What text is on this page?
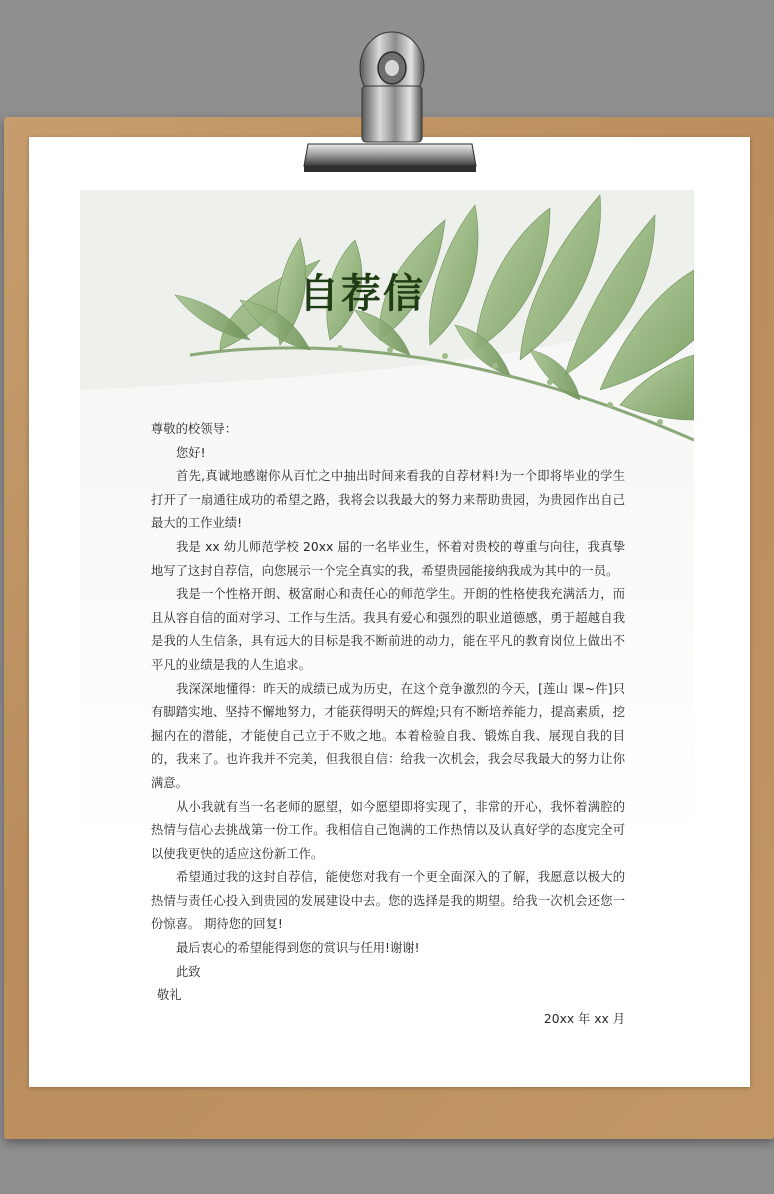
自荐信

尊敬的校领导：

您好!

首先,真诚地感谢你从百忙之中抽出时间来看我的自荐材料!为一个即将毕业的学生打开了一扇通往成功的希望之路，我将会以我最大的努力来帮助贵园，为贵园作出自己最大的工作业绩!

我是 xx 幼儿师范学校 20xx 届的一名毕业生，怀着对贵校的尊重与向往，我真挚地写了这封自荐信，向您展示一个完全真实的我，希望贵园能接纳我成为其中的一员。

我是一个性格开朗、极富耐心和责任心的师范学生。开朗的性格使我充满活力，而且从容自信的面对学习、工作与生活。我具有爱心和强烈的职业道德感，勇于超越自我是我的人生信条，具有远大的目标是我不断前进的动力，能在平凡的教育岗位上做出不平凡的业绩是我的人生追求。

我深深地懂得：昨天的成绩已成为历史，在这个竞争激烈的今天，[莲山 课~件]只有脚踏实地、坚持不懈地努力，才能获得明天的辉煌;只有不断培养能力，提高素质，挖掘内在的潜能，才能使自己立于不败之地。本着检验自我、锻炼自我、展现自我的目的，我来了。也许我并不完美，但我很自信：给我一次机会，我会尽我最大的努力让你满意。

从小我就有当一名老师的愿望，如今愿望即将实现了，非常的开心，我怀着满腔的热情与信心去挑战第一份工作。我相信自己饱满的工作热情以及认真好学的态度完全可以使我更快的适应这份新工作。

希望通过我的这封自荐信，能使您对我有一个更全面深入的了解，我愿意以极大的热情与责任心投入到贵园的发展建设中去。您的选择是我的期望。给我一次机会还您一份惊喜。 期待您的回复!

最后衷心的希望能得到您的赏识与任用!谢谢!

此致

敬礼

20xx 年 xx 月
